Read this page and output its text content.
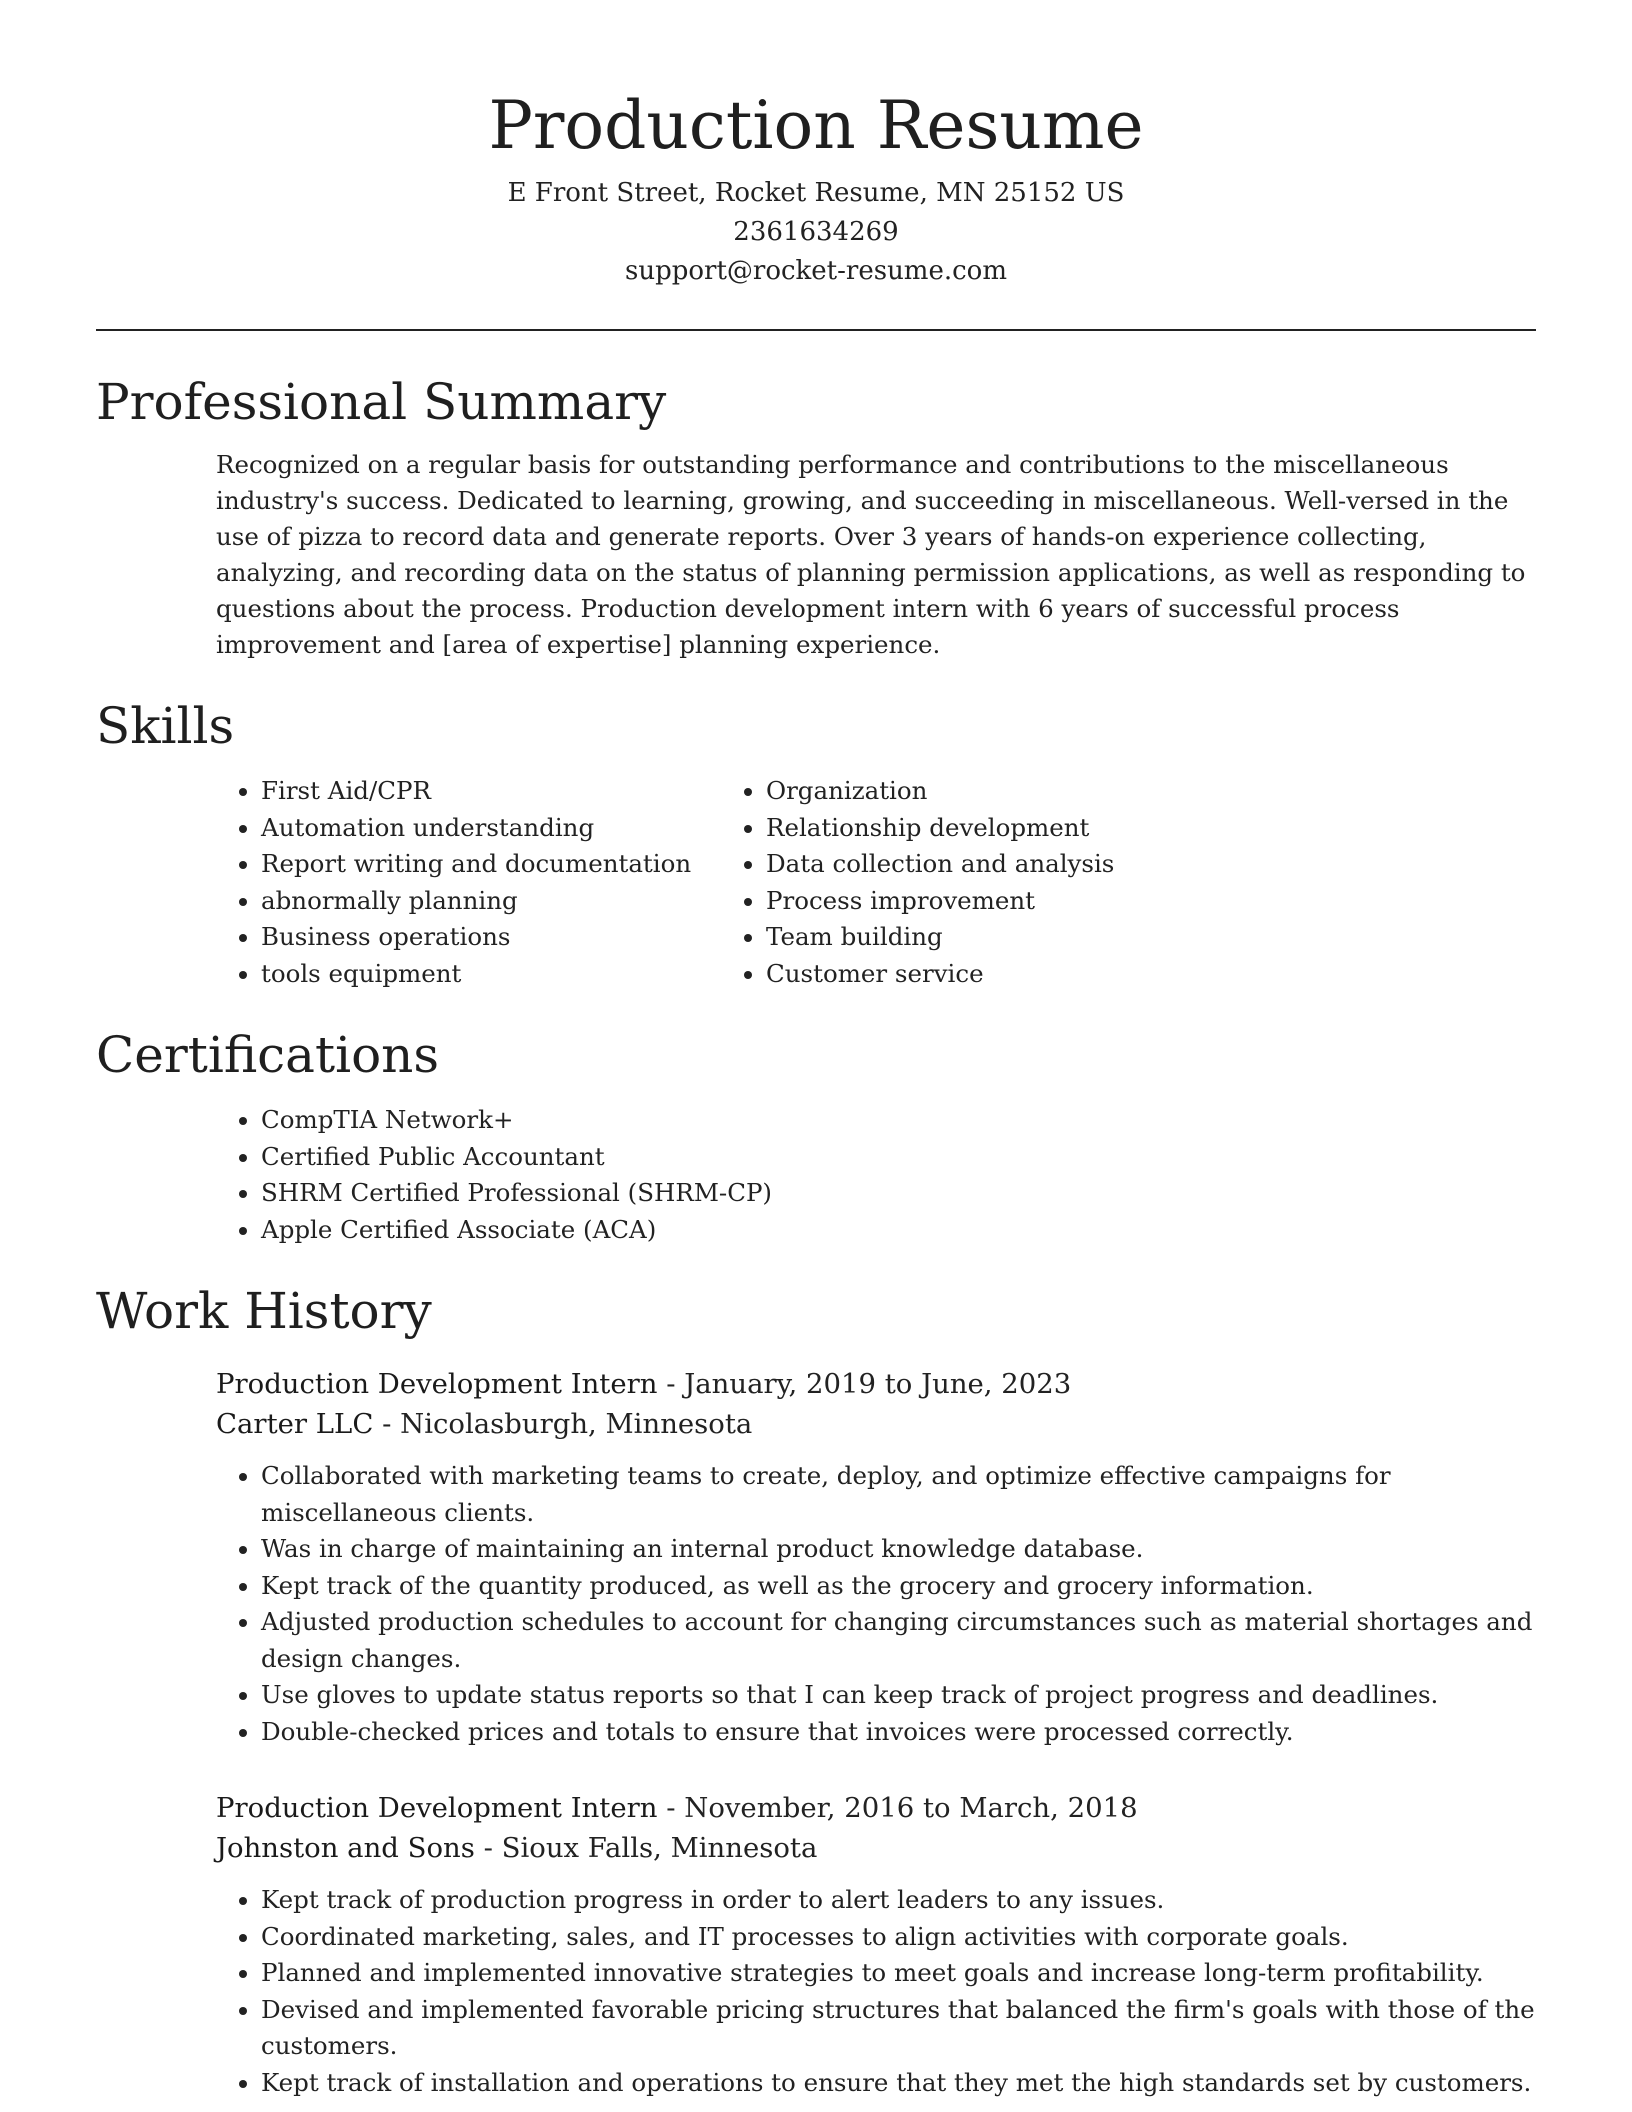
Production Resume

E Front Street, Rocket Resume, MN 25152 US

2361634269

support@rocket-resume.com

Professional Summary

Recognized on a regular basis for outstanding performance and contributions to the miscellaneous industry's success. Dedicated to learning, growing, and succeeding in miscellaneous. Well-versed in the use of pizza to record data and generate reports. Over 3 years of hands-on experience collecting, analyzing, and recording data on the status of planning permission applications, as well as responding to questions about the process. Production development intern with 6 years of successful process improvement and [area of expertise] planning experience.

Skills
• First Aid/CPR
• Automation understanding
• Report writing and documentation
• abnormally planning
• Business operations
• tools equipment
• Organization
• Relationship development
• Data collection and analysis
• Process improvement
• Team building
• Customer service
Certifications
• CompTIA Network+
• Certified Public Accountant
• SHRM Certified Professional (SHRM-CP)
• Apple Certified Associate (ACA)
Work History

Production Development Intern - January, 2019 to June, 2023

Carter LLC - Nicolasburgh, Minnesota

• Collaborated with marketing teams to create, deploy, and optimize effective campaigns for miscellaneous clients.
• Was in charge of maintaining an internal product knowledge database.
• Kept track of the quantity produced, as well as the grocery and grocery information.
• Adjusted production schedules to account for changing circumstances such as material shortages and design changes.
• Use gloves to update status reports so that I can keep track of project progress and deadlines.
• Double-checked prices and totals to ensure that invoices were processed correctly.

Production Development Intern - November, 2016 to March, 2018

Johnston and Sons - Sioux Falls, Minnesota

• Kept track of production progress in order to alert leaders to any issues.
• Coordinated marketing, sales, and IT processes to align activities with corporate goals.
• Planned and implemented innovative strategies to meet goals and increase long-term profitability.
• Devised and implemented favorable pricing structures that balanced the firm's goals with those of the customers.
• Kept track of installation and operations to ensure that they met the high standards set by customers.
